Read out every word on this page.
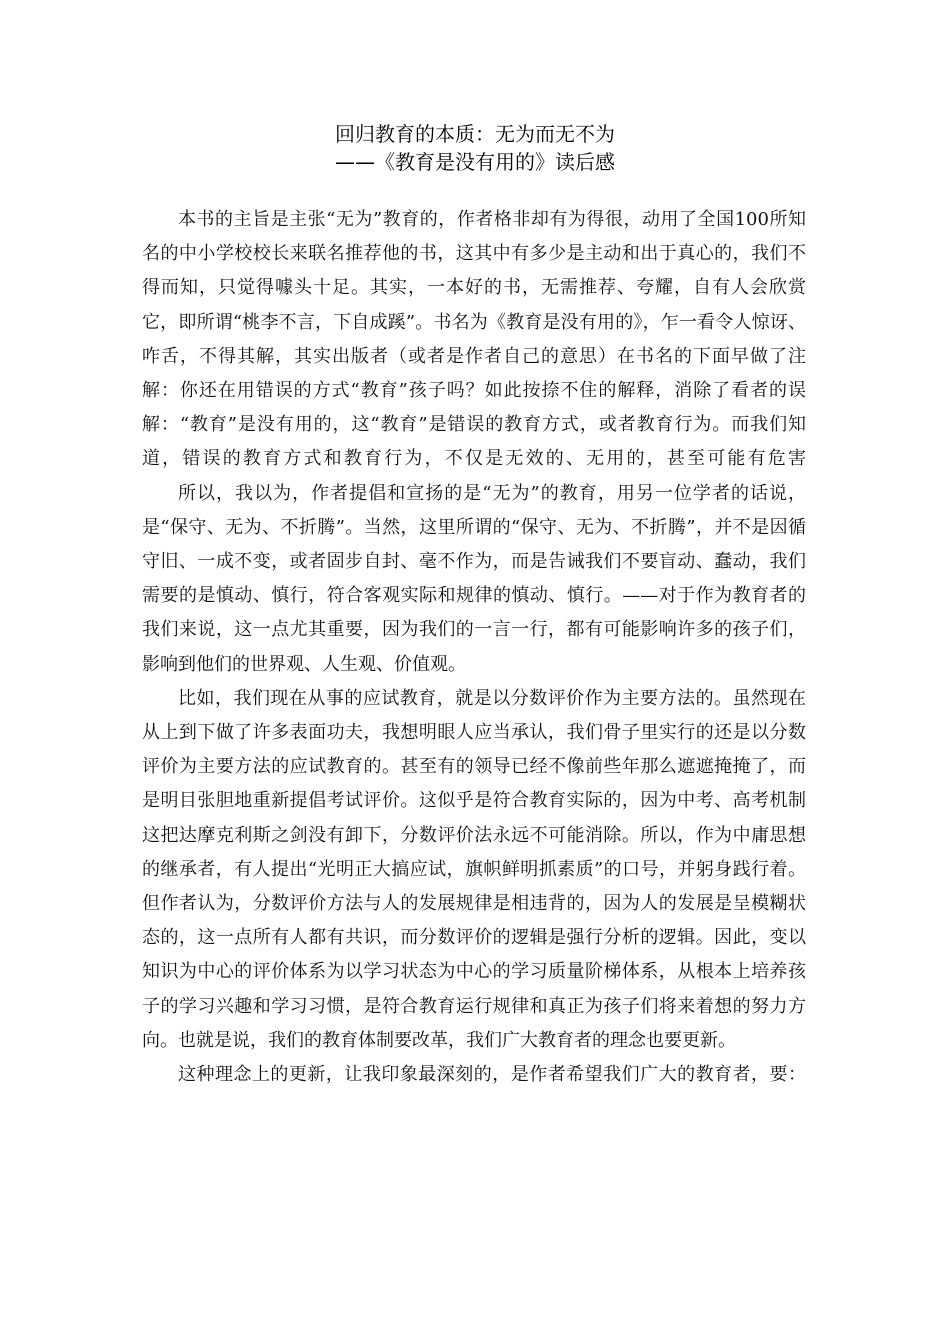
回归教育的本质：无为而无不为
——《教育是没有用的》读后感

本书的主旨是主张“无为”教育的，作者格非却有为得很，动用了全国100所知名的中小学校校长来联名推荐他的书，这其中有多少是主动和出于真心的，我们不得而知，只觉得噱头十足。其实，一本好的书，无需推荐、夸耀，自有人会欣赏它，即所谓“桃李不言，下自成蹊”。书名为《教育是没有用的》，乍一看令人惊讶、咋舌，不得其解，其实出版者（或者是作者自己的意思）在书名的下面早做了注解：你还在用错误的方式“教育”孩子吗？如此按捺不住的解释，消除了看者的误解：“教育”是没有用的，这“教育”是错误的教育方式，或者教育行为。而我们知道，错误的教育方式和教育行为，不仅是无效的、无用的，甚至可能有危害

所以，我以为，作者提倡和宣扬的是“无为”的教育，用另一位学者的话说，是“保守、无为、不折腾”。当然，这里所谓的“保守、无为、不折腾”，并不是因循守旧、一成不变，或者固步自封、毫不作为，而是告诫我们不要盲动、蠢动，我们需要的是慎动、慎行，符合客观实际和规律的慎动、慎行。——对于作为教育者的我们来说，这一点尤其重要，因为我们的一言一行，都有可能影响许多的孩子们，影响到他们的世界观、人生观、价值观。

比如，我们现在从事的应试教育，就是以分数评价作为主要方法的。虽然现在从上到下做了许多表面功夫，我想明眼人应当承认，我们骨子里实行的还是以分数评价为主要方法的应试教育的。甚至有的领导已经不像前些年那么遮遮掩掩了，而是明目张胆地重新提倡考试评价。这似乎是符合教育实际的，因为中考、高考机制这把达摩克利斯之剑没有卸下，分数评价法永远不可能消除。所以，作为中庸思想的继承者，有人提出“光明正大搞应试，旗帜鲜明抓素质”的口号，并躬身践行着。但作者认为，分数评价方法与人的发展规律是相违背的，因为人的发展是呈模糊状态的，这一点所有人都有共识，而分数评价的逻辑是强行分析的逻辑。因此，变以知识为中心的评价体系为以学习状态为中心的学习质量阶梯体系，从根本上培养孩子的学习兴趣和学习习惯，是符合教育运行规律和真正为孩子们将来着想的努力方向。也就是说，我们的教育体制要改革，我们广大教育者的理念也要更新。

这种理念上的更新，让我印象最深刻的，是作者希望我们广大的教育者，要：
